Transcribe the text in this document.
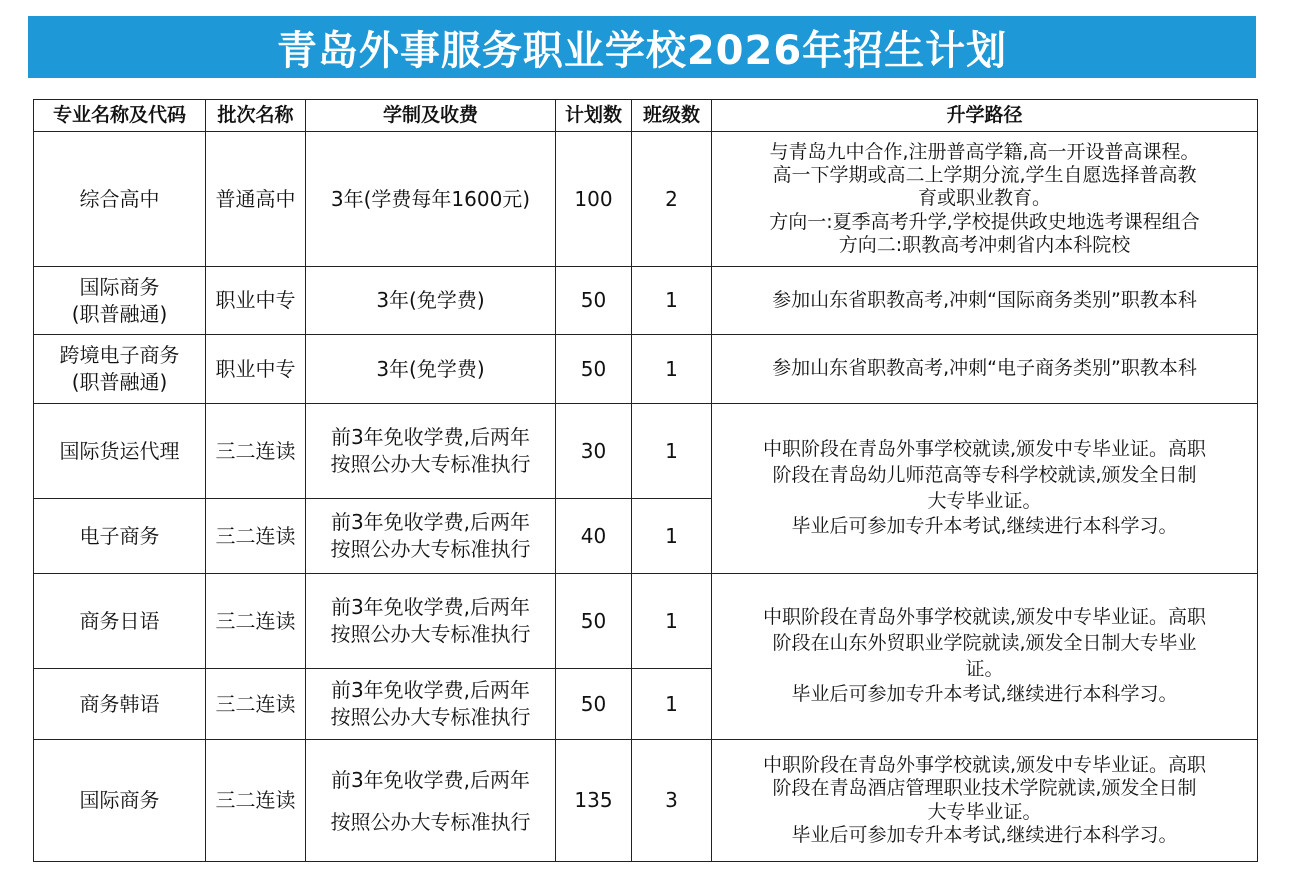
青岛外事服务职业学校2026年招生计划
专业名称及代码	批次名称	学制及收费	计划数	班级数	升学路径

综合高中	普通高中	3年(学费每年1600元)	100	2	与青岛九中合作,注册普高学籍,高一开设普高课程。
高一下学期或高二上学期分流,学生自愿选择普高教
育或职业教育。
方向一:夏季高考升学,学校提供政史地选考课程组合
方向二:职教高考冲刺省内本科院校

国际商务
(职普融通)	职业中专	3年(免学费)	50	1	参加山东省职教高考,冲刺“国际商务类别”职教本科

跨境电子商务
(职普融通)	职业中专	3年(免学费)	50	1	参加山东省职教高考,冲刺“电子商务类别”职教本科

国际货运代理	三二连读	前3年免收学费,后两年
按照公办大专标准执行	30	1	中职阶段在青岛外事学校就读,颁发中专毕业证。高职
阶段在青岛幼儿师范高等专科学校就读,颁发全日制
大专毕业证。
毕业后可参加专升本考试,继续进行本科学习。

电子商务	三二连读	前3年免收学费,后两年
按照公办大专标准执行	40	1	

商务日语	三二连读	前3年免收学费,后两年
按照公办大专标准执行	50	1	中职阶段在青岛外事学校就读,颁发中专毕业证。高职
阶段在山东外贸职业学院就读,颁发全日制大专毕业
证。
毕业后可参加专升本考试,继续进行本科学习。

商务韩语	三二连读	前3年免收学费,后两年
按照公办大专标准执行	50	1	

国际商务	三二连读	前3年免收学费,后两年
按照公办大专标准执行	135	3	中职阶段在青岛外事学校就读,颁发中专毕业证。高职
阶段在青岛酒店管理职业技术学院就读,颁发全日制
大专毕业证。
毕业后可参加专升本考试,继续进行本科学习。
